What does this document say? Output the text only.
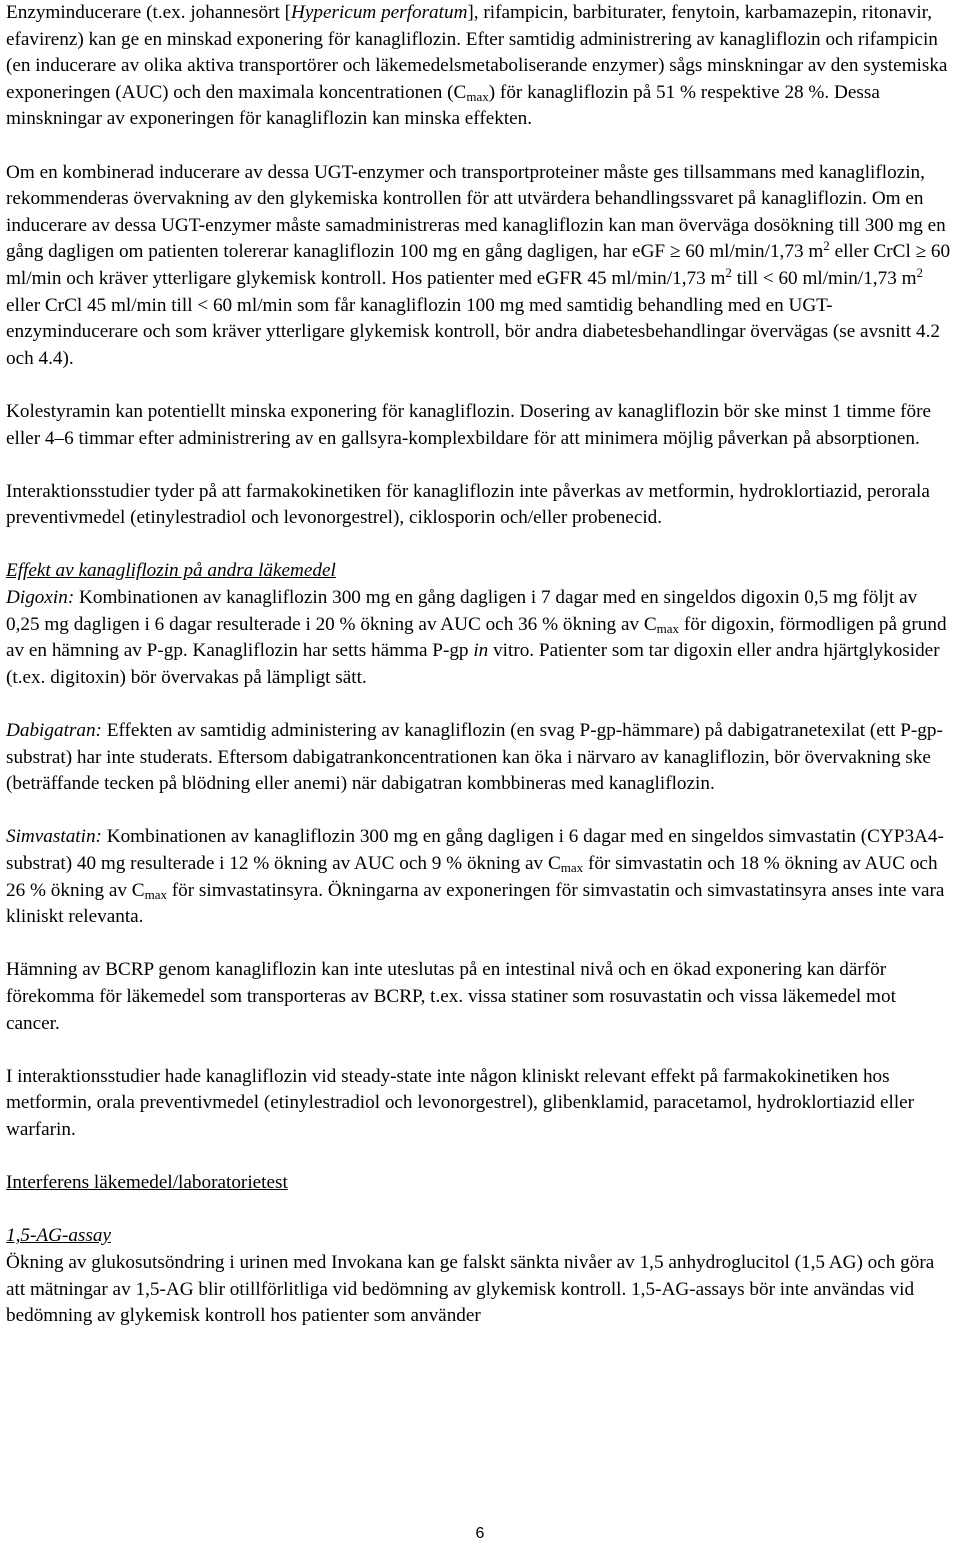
Enzyminducerare (t.ex. johannesört [Hypericum perforatum], rifampicin, barbiturater, fenytoin, karbamazepin, ritonavir, efavirenz) kan ge en minskad exponering för kanagliflozin. Efter samtidig administrering av kanagliflozin och rifampicin (en inducerare av olika aktiva transportörer och läkemedelsmetaboliserande enzymer) sågs minskningar av den systemiska exponeringen (AUC) och den maximala koncentrationen $(C_{max})$ för kanagliflozin på 51 % respektive 28 %. Dessa minskningar av exponeringen för kanagliflozin kan minska effekten.

Om en kombinerad inducerare av dessa UGT-enzymer och transportproteiner måste ges tillsammans med kanagliflozin, rekommenderas övervakning av den glykemiska kontrollen för att utvärdera behandlingssvaret på kanagliflozin. Om en inducerare av dessa UGT-enzymer måste samadministreras med kanagliflozin kan man överväga dosökning till 300 mg en gång dagligen om patienten tolererar kanagliflozin 100 mg en gång dagligen, har eGF ≥ 60 ml/min/1,73 $m^2$ eller CrCl ≥ 60 ml/min och kräver ytterligare glykemisk kontroll. Hos patienter med eGFR 45 ml/min/1,73 $m^2$ till < 60 ml/min/1,73 $m^2$ eller CrCl 45 ml/min till < 60 ml/min som får kanagliflozin 100 mg med samtidig behandling med en UGT-enzyminducerare och som kräver ytterligare glykemisk kontroll, bör andra diabetesbehandlingar övervägas (se avsnitt 4.2 och 4.4).

Kolestyramin kan potentiellt minska exponering för kanagliflozin. Dosering av kanagliflozin bör ske minst 1 timme före eller 4–6 timmar efter administrering av en gallsyra-komplexbildare för att minimera möjlig påverkan på absorptionen.

Interaktionsstudier tyder på att farmakokinetiken för kanagliflozin inte påverkas av metformin, hydroklortiazid, perorala preventivmedel (etinylestradiol och levonorgestrel), ciklosporin och/eller probenecid.

Effekt av kanagliflozin på andra läkemedel

Digoxin: Kombinationen av kanagliflozin 300 mg en gång dagligen i 7 dagar med en singeldos digoxin 0,5 mg följt av 0,25 mg dagligen i 6 dagar resulterade i 20 % ökning av AUC och 36 % ökning av $C_{max}$ för digoxin, förmodligen på grund av en hämning av P-gp. Kanagliflozin har setts hämma P-gp in vitro. Patienter som tar digoxin eller andra hjärtglykosider (t.ex. digitoxin) bör övervakas på lämpligt sätt.

Dabigatran: Effekten av samtidig administering av kanagliflozin (en svag P-gp-hämmare) på dabigatranetexilat (ett P-gp-substrat) har inte studerats. Eftersom dabigatrankoncentrationen kan öka i närvaro av kanagliflozin, bör övervakning ske (beträffande tecken på blödning eller anemi) när dabigatran kombbineras med kanagliflozin.

Simvastatin: Kombinationen av kanagliflozin 300 mg en gång dagligen i 6 dagar med en singeldos simvastatin (CYP3A4-substrat) 40 mg resulterade i 12 % ökning av AUC och 9 % ökning av $C_{max}$ för simvastatin och 18 % ökning av AUC och 26 % ökning av $C_{max}$ för simvastatinsyra. Ökningarna av exponeringen för simvastatin och simvastatinsyra anses inte vara kliniskt relevanta.

Hämning av BCRP genom kanagliflozin kan inte uteslutas på en intestinal nivå och en ökad exponering kan därför förekomma för läkemedel som transporteras av BCRP, t.ex. vissa statiner som rosuvastatin och vissa läkemedel mot cancer.

I interaktionsstudier hade kanagliflozin vid steady-state inte någon kliniskt relevant effekt på farmakokinetiken hos metformin, orala preventivmedel (etinylestradiol och levonorgestrel), glibenklamid, paracetamol, hydroklortiazid eller warfarin.

Interferens läkemedel/laboratorietest

1,5-AG-assay

Ökning av glukosutsöndring i urinen med Invokana kan ge falskt sänkta nivåer av 1,5 anhydroglucitol (1,5 AG) och göra att mätningar av 1,5-AG blir otillförlitliga vid bedömning av glykemisk kontroll. 1,5-AG-assays bör inte användas vid bedömning av glykemisk kontroll hos patienter som använder

6
